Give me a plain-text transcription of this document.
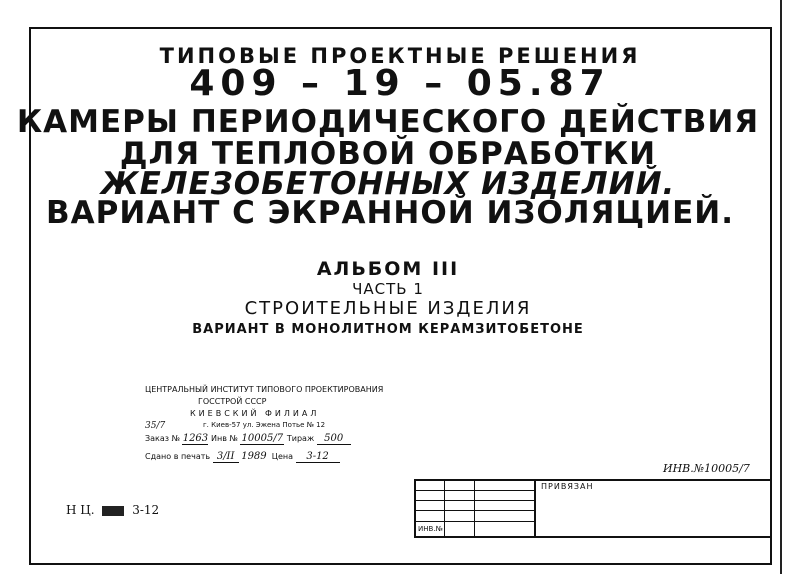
ТИПОВЫЕ ПРОЕКТНЫЕ РЕШЕНИЯ
409 – 19 – 05.87
КАМЕРЫ ПЕРИОДИЧЕСКОГО ДЕЙСТВИЯ
ДЛЯ ТЕПЛОВОЙ ОБРАБОТКИ
ЖЕЛЕЗОБЕТОННЫХ ИЗДЕЛИЙ.
ВАРИАНТ С ЭКРАННОЙ ИЗОЛЯЦИЕЙ.
АЛЬБОМ III
ЧАСТЬ 1
СТРОИТЕЛЬНЫЕ ИЗДЕЛИЯ
ВАРИАНТ В МОНОЛИТНОМ КЕРАМЗИТОБЕТОНЕ
ЦЕНТРАЛЬНЫЙ ИНСТИТУТ ТИПОВОГО ПРОЕКТИРОВАНИЯ
ГОССТРОЙ СССР
КИЕВСКИЙ ФИЛИАЛ
35/7	г. Киев-57 ул. Эжена Потье № 12
Заказ № 1263 Инв № 10005/7 Тираж 500
Сдано в печать 3/II 1989 Цена 3-12
ИНВ.№10005/7
Н Ц.	3-12
ПРИВЯЗАН
ИНВ.№
